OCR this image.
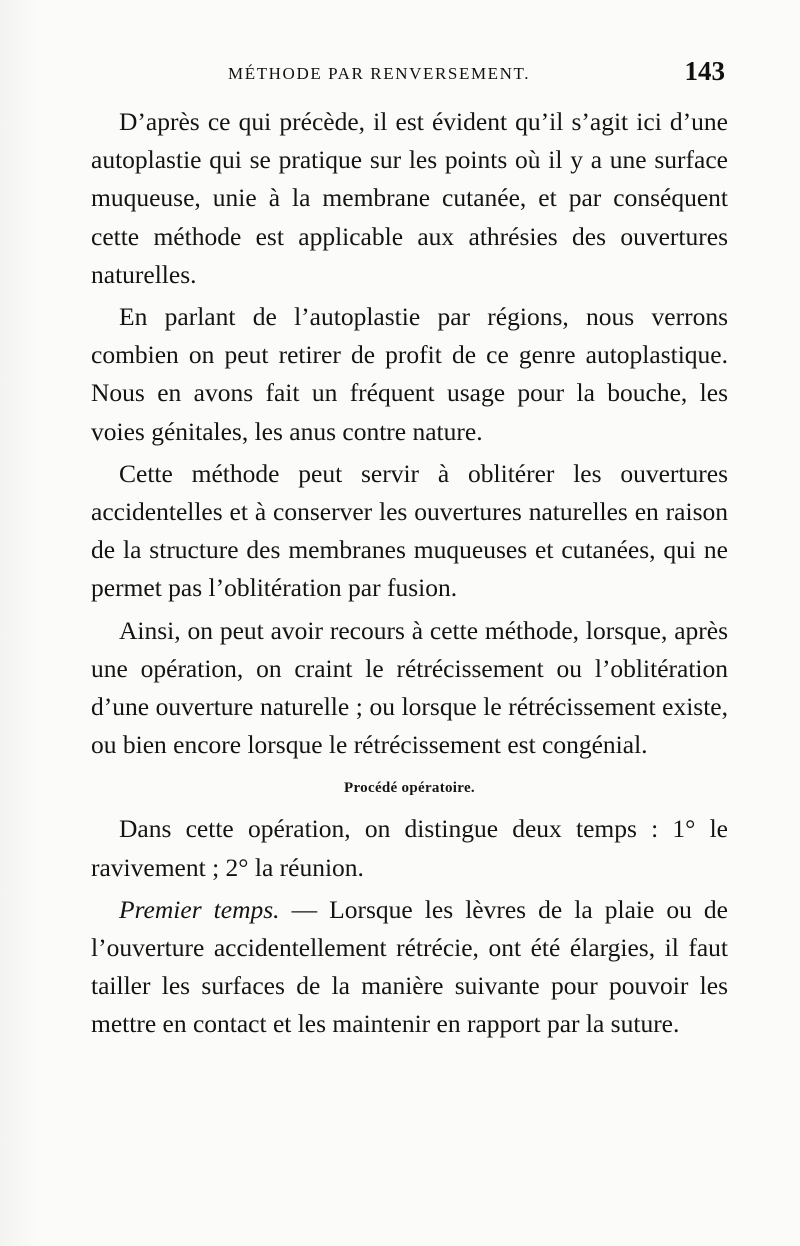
MÉTHODE PAR RENVERSEMENT.	143

D’après ce qui précède, il est évident qu’il s’agit ici d’une autoplastie qui se pratique sur les points où il y a une surface muqueuse, unie à la membrane cutanée, et par conséquent cette méthode est applicable aux athrésies des ouvertures naturelles.

En parlant de l’autoplastie par régions, nous verrons combien on peut retirer de profit de ce genre autoplastique. Nous en avons fait un fréquent usage pour la bouche, les voies génitales, les anus contre nature.

Cette méthode peut servir à oblitérer les ouvertures accidentelles et à conserver les ouvertures naturelles en raison de la structure des membranes muqueuses et cutanées, qui ne permet pas l’oblitération par fusion.

Ainsi, on peut avoir recours à cette méthode, lorsque, après une opération, on craint le rétrécissement ou l’oblitération d’une ouverture naturelle ; ou lorsque le rétrécissement existe, ou bien encore lorsque le rétrécissement est congénial.

Procédé opératoire.

Dans cette opération, on distingue deux temps : 1° le ravivement ; 2° la réunion.

Premier temps. — Lorsque les lèvres de la plaie ou de l’ouverture accidentellement rétrécie, ont été élargies, il faut tailler les surfaces de la manière suivante pour pouvoir les mettre en contact et les maintenir en rapport par la suture.
